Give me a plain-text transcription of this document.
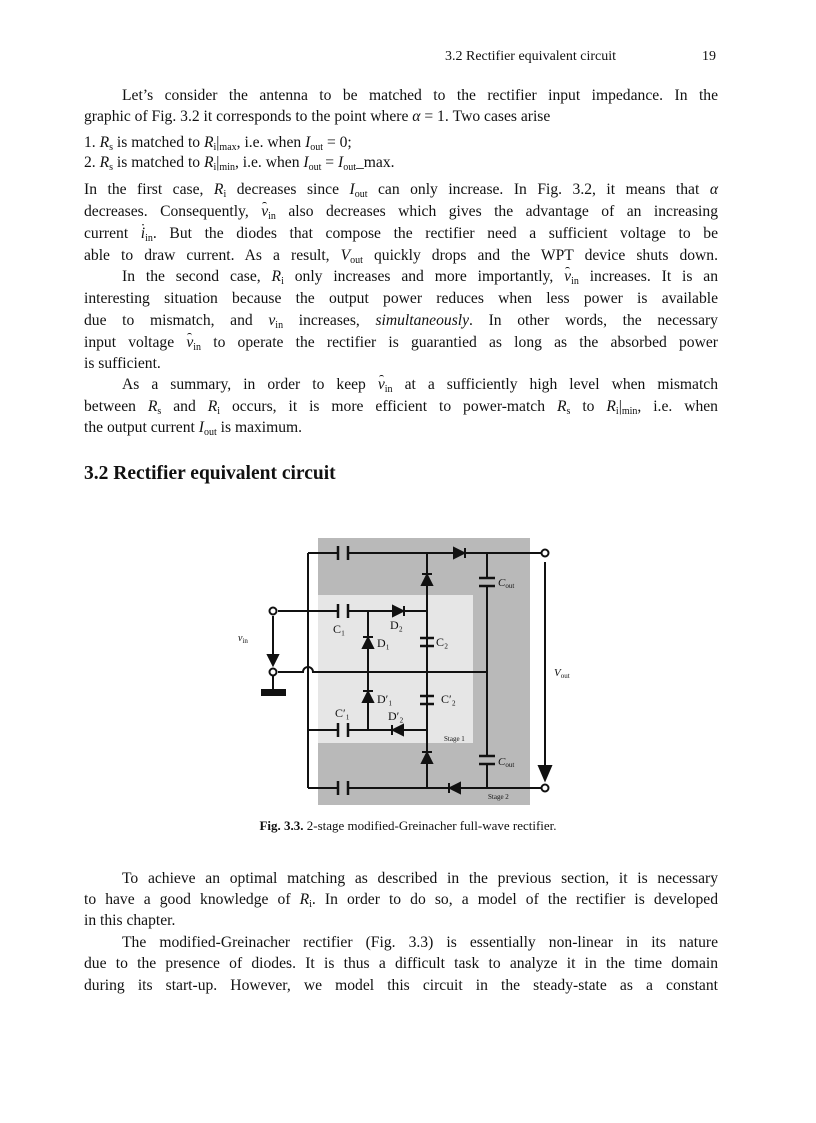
3.2 Rectifier equivalent circuit	19
Let’s consider the antenna to be matched to the rectifier input impedance. In the
graphic of Fig. 3.2 it corresponds to the point where α = 1. Two cases arise
1. Rs is matched to Ri|max, i.e. when Iout = 0;
2. Rs is matched to Ri|min, i.e. when Iout = Iout_max.
In the first case, Ri decreases since Iout can only increase. In Fig. 3.2, it means that α
decreases. Consequently, vin also decreases which gives the advantage of an increasing
current iin. But the diodes that compose the rectifier need a sufficient voltage to be
able to draw current. As a result, Vout quickly drops and the WPT device shuts down.
In the second case, Ri only increases and more importantly, vin increases. It is an
interesting situation because the output power reduces when less power is available
due to mismatch, and vin increases, simultaneously. In other words, the necessary
input voltage vin to operate the rectifier is guarantied as long as the absorbed power
is sufficient.
As a summary, in order to keep vin at a sufficiently high level when mismatch
between Rs and Ri occurs, it is more efficient to power-match Rs to Ri|min, i.e. when
the output current Iout is maximum.
To achieve an optimal matching as described in the previous section, it is necessary
to have a good knowledge of Ri. In order to do so, a model of the rectifier is developed
in this chapter.
The modified-Greinacher rectifier (Fig. 3.3) is essentially non-linear in its nature
due to the presence of diodes. It is thus a difficult task to analyze it in the time domain
during its start-up. However, we model this circuit in the steady-state as a constant
3.2 Rectifier equivalent circuit
$v_{in}$
Vout
Cout
Cout
C₁	D₂
D₁	C₂
D′₁	C′₂
C′₁	D′₂
Stage 1
Stage 2
Fig. 3.3. 2-stage modified-Greinacher full-wave rectifier.
